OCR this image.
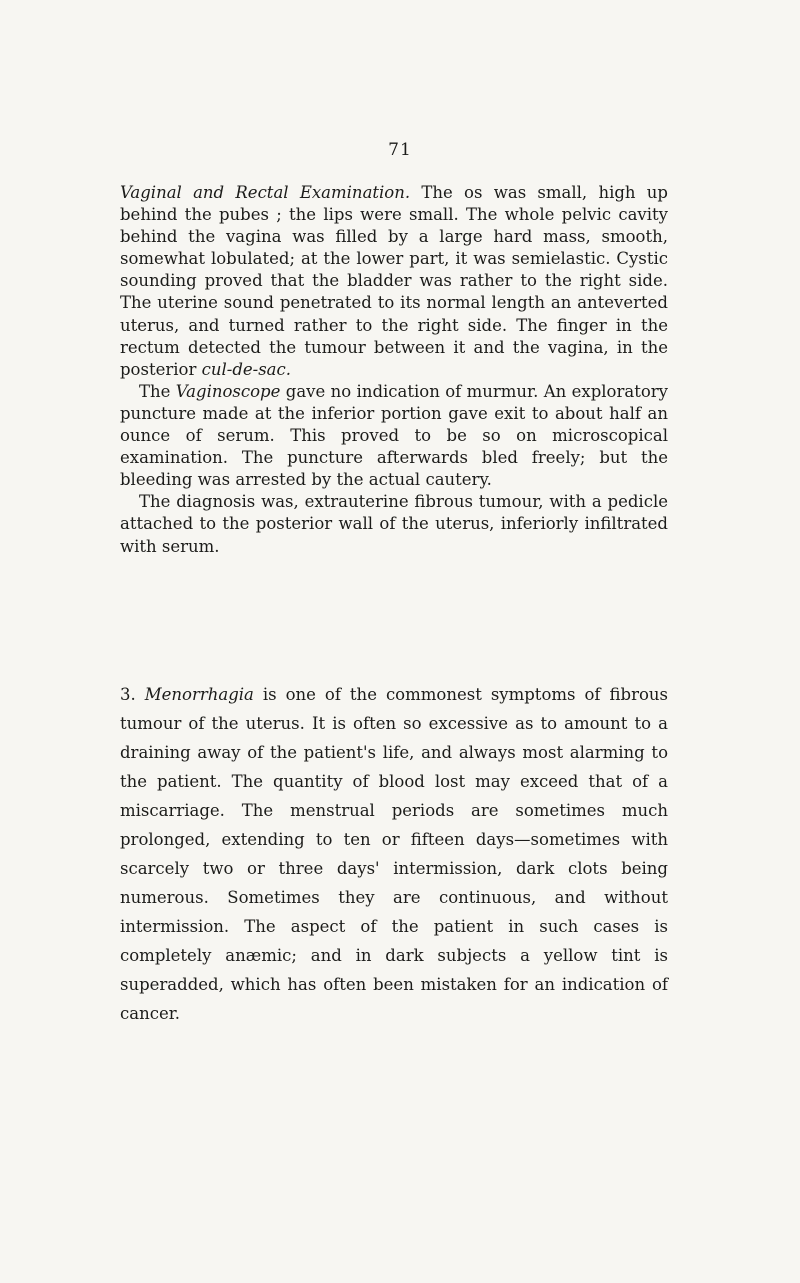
71

Vaginal and Rectal Examination. The os was small, high up behind the pubes ; the lips were small. The whole pelvic cavity behind the vagina was filled by a large hard mass, smooth, somewhat lobulated; at the lower part, it was semielastic. Cystic sounding proved that the bladder was rather to the right side. The uterine sound penetrated to its normal length an anteverted uterus, and turned rather to the right side. The finger in the rectum detected the tumour between it and the vagina, in the posterior cul-de-sac.

The Vaginoscope gave no indication of murmur. An exploratory puncture made at the inferior portion gave exit to about half an ounce of serum. This proved to be so on microscopical examination. The puncture afterwards bled freely; but the bleeding was arrested by the actual cautery.

The diagnosis was, extrauterine fibrous tumour, with a pedicle attached to the posterior wall of the uterus, inferiorly infiltrated with serum.

3. Menorrhagia is one of the commonest symptoms of fibrous tumour of the uterus. It is often so excessive as to amount to a draining away of the patient's life, and always most alarming to the patient. The quantity of blood lost may exceed that of a miscarriage. The menstrual periods are sometimes much prolonged, extending to ten or fifteen days—sometimes with scarcely two or three days' intermission, dark clots being numerous. Sometimes they are continuous, and without intermission. The aspect of the patient in such cases is completely anæmic; and in dark subjects a yellow tint is superadded, which has often been mistaken for an indication of cancer.
